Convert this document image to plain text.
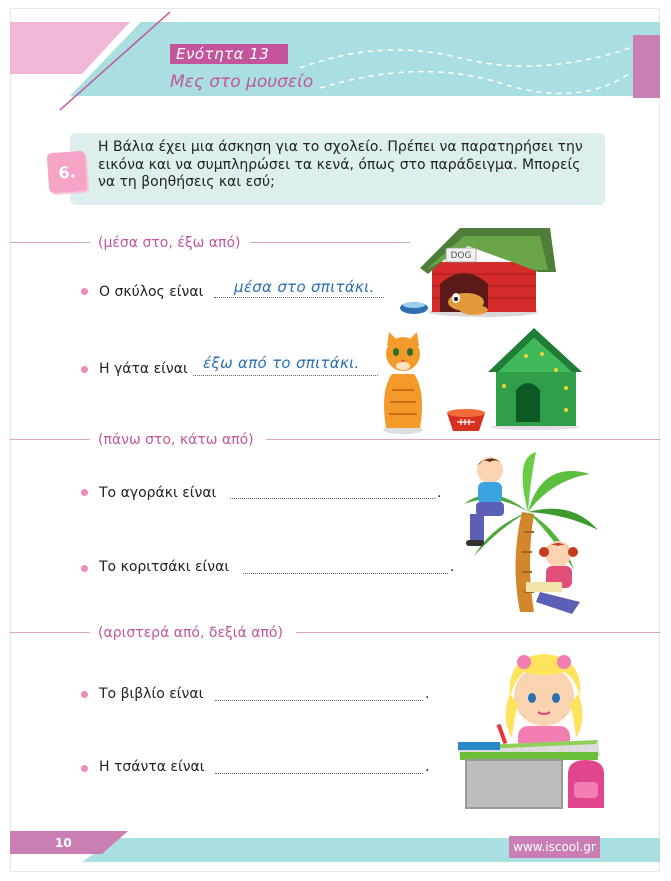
Ενότητα 13
Μες στο μουσείο
Η Βάλια έχει μια άσκηση για το σχολείο. Πρέπει να παρατηρήσει την
εικόνα και να συμπληρώσει τα κενά, όπως στο παράδειγμα. Μπορείς
να τη βοηθήσεις και εσύ;
6.
(μέσα στο, έξω από)
Ο σκύλος είναι μέσα στο σπιτάκι.
Η γάτα είναι έξω από το σπιτάκι.
DOG
(πάνω στο, κάτω από)
Το αγοράκι είναι	.
Το κοριτσάκι είναι	.
(αριστερά από, δεξιά από)
Το βιβλίο είναι	.
Η τσάντα είναι	.
10	www.iscool.gr
